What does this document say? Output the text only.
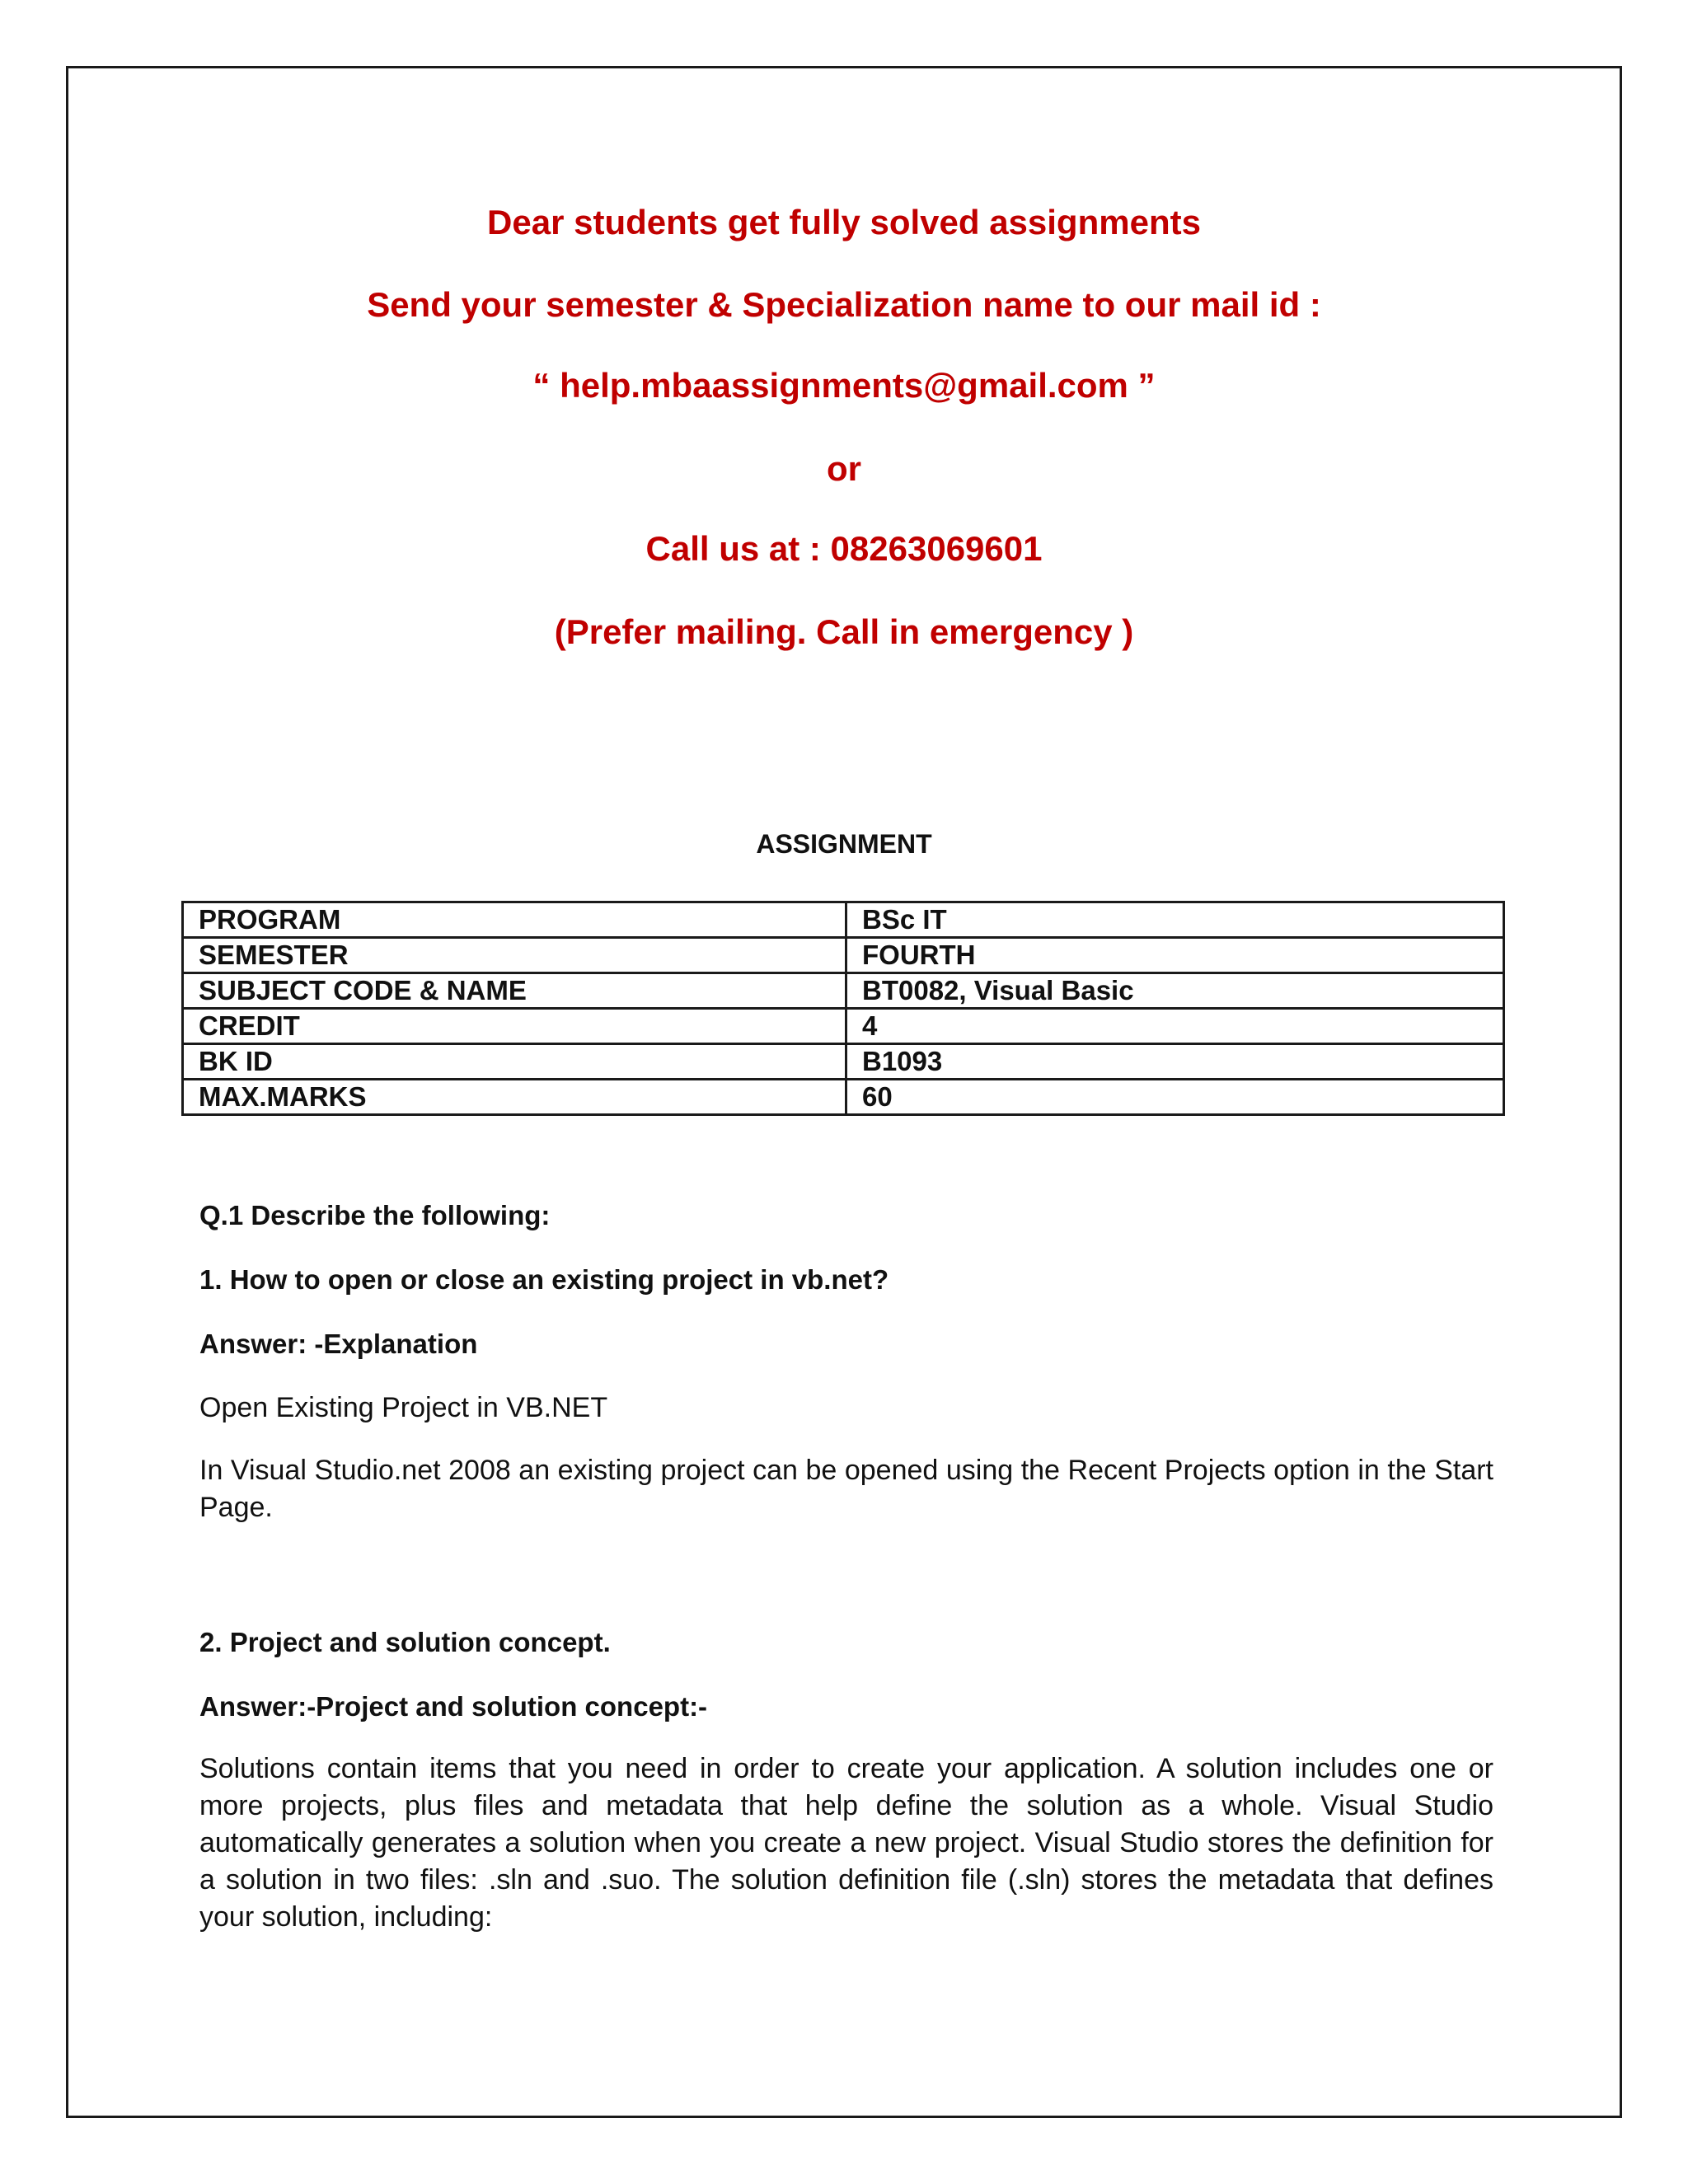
Dear students get fully solved assignments
Send your semester & Specialization name to our mail id :
“ help.mbaassignments@gmail.com ”
or
Call us at : 08263069601
(Prefer mailing. Call in emergency )
ASSIGNMENT
PROGRAM	BSc IT
SEMESTER	FOURTH
SUBJECT CODE & NAME	BT0082, Visual Basic
CREDIT	4
BK ID	B1093
MAX.MARKS	60
Q.1 Describe the following:
1. How to open or close an existing project in vb.net?
Answer: -Explanation
Open Existing Project in VB.NET
In Visual Studio.net 2008 an existing project can be opened using the Recent Projects option in the Start Page.
2. Project and solution concept.
Answer:-Project and solution concept:-
Solutions contain items that you need in order to create your application. A solution includes one or more projects, plus files and metadata that help define the solution as a whole. Visual Studio automatically generates a solution when you create a new project. Visual Studio stores the definition for a solution in two files: .sln and .suo. The solution definition file (.sln) stores the metadata that defines your solution, including:
